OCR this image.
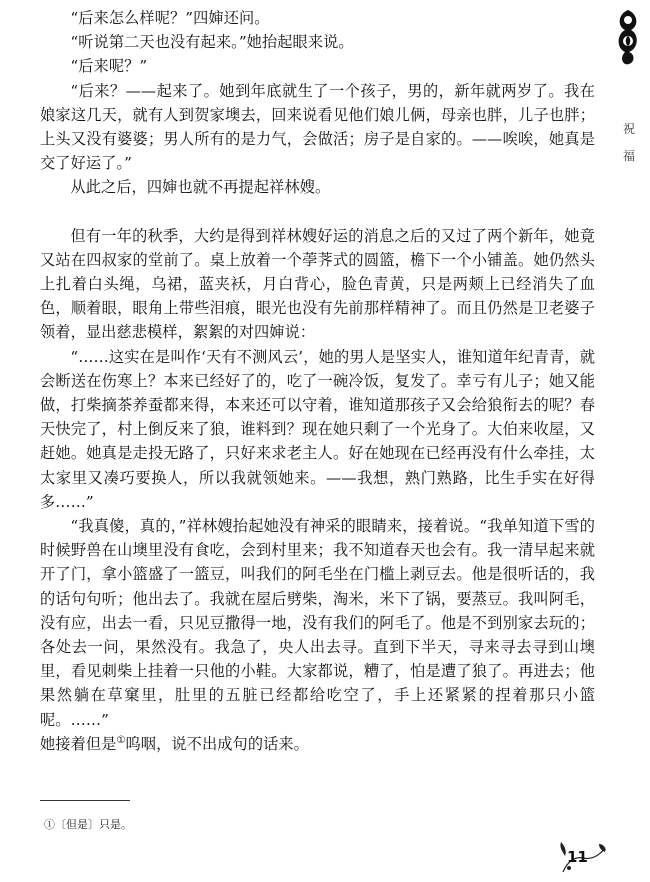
祝
福

“后来怎么样呢？”四婶还问。

“听说第二天也没有起来。”她抬起眼来说。

“后来呢？”

“后来？——起来了。她到年底就生了一个孩子，男的，新年就两岁了。我在娘家这几天，就有人到贺家墺去，回来说看见他们娘儿俩，母亲也胖，儿子也胖；上头又没有婆婆；男人所有的是力气，会做活；房子是自家的。——唉唉，她真是交了好运了。”

从此之后，四婶也就不再提起祥林嫂。

但有一年的秋季，大约是得到祥林嫂好运的消息之后的又过了两个新年，她竟又站在四叔家的堂前了。桌上放着一个荸荠式的圆篮，檐下一个小铺盖。她仍然头上扎着白头绳，乌裙，蓝夹袄，月白背心，脸色青黄，只是两颊上已经消失了血色，顺着眼，眼角上带些泪痕，眼光也没有先前那样精神了。而且仍然是卫老婆子领着，显出慈悲模样，絮絮的对四婶说：

“……这实在是叫作‘天有不测风云’，她的男人是坚实人，谁知道年纪青青，就会断送在伤寒上？本来已经好了的，吃了一碗冷饭，复发了。幸亏有儿子；她又能做，打柴摘茶养蚕都来得，本来还可以守着，谁知道那孩子又会给狼衔去的呢？春天快完了，村上倒反来了狼，谁料到？现在她只剩了一个光身了。大伯来收屋，又赶她。她真是走投无路了，只好来求老主人。好在她现在已经再没有什么牵挂，太太家里又凑巧要换人，所以我就领她来。——我想，熟门熟路，比生手实在好得多……”

“我真傻，真的，”祥林嫂抬起她没有神采的眼睛来，接着说。“我单知道下雪的时候野兽在山墺里没有食吃，会到村里来；我不知道春天也会有。我一清早起来就开了门，拿小篮盛了一篮豆，叫我们的阿毛坐在门槛上剥豆去。他是很听话的，我的话句句听；他出去了。我就在屋后劈柴，淘米，米下了锅，要蒸豆。我叫阿毛，没有应，出去一看，只见豆撒得一地，没有我们的阿毛了。他是不到别家去玩的；各处去一问，果然没有。我急了，央人出去寻。直到下半天，寻来寻去寻到山墺里，看见刺柴上挂着一只他的小鞋。大家都说，糟了，怕是遭了狼了。再进去；他果然躺在草窠里，肚里的五脏已经都给吃空了，手上还紧紧的捏着那只小篮呢。……”

她接着但是①呜咽，说不出成句的话来。

①〔但是〕只是。
11
